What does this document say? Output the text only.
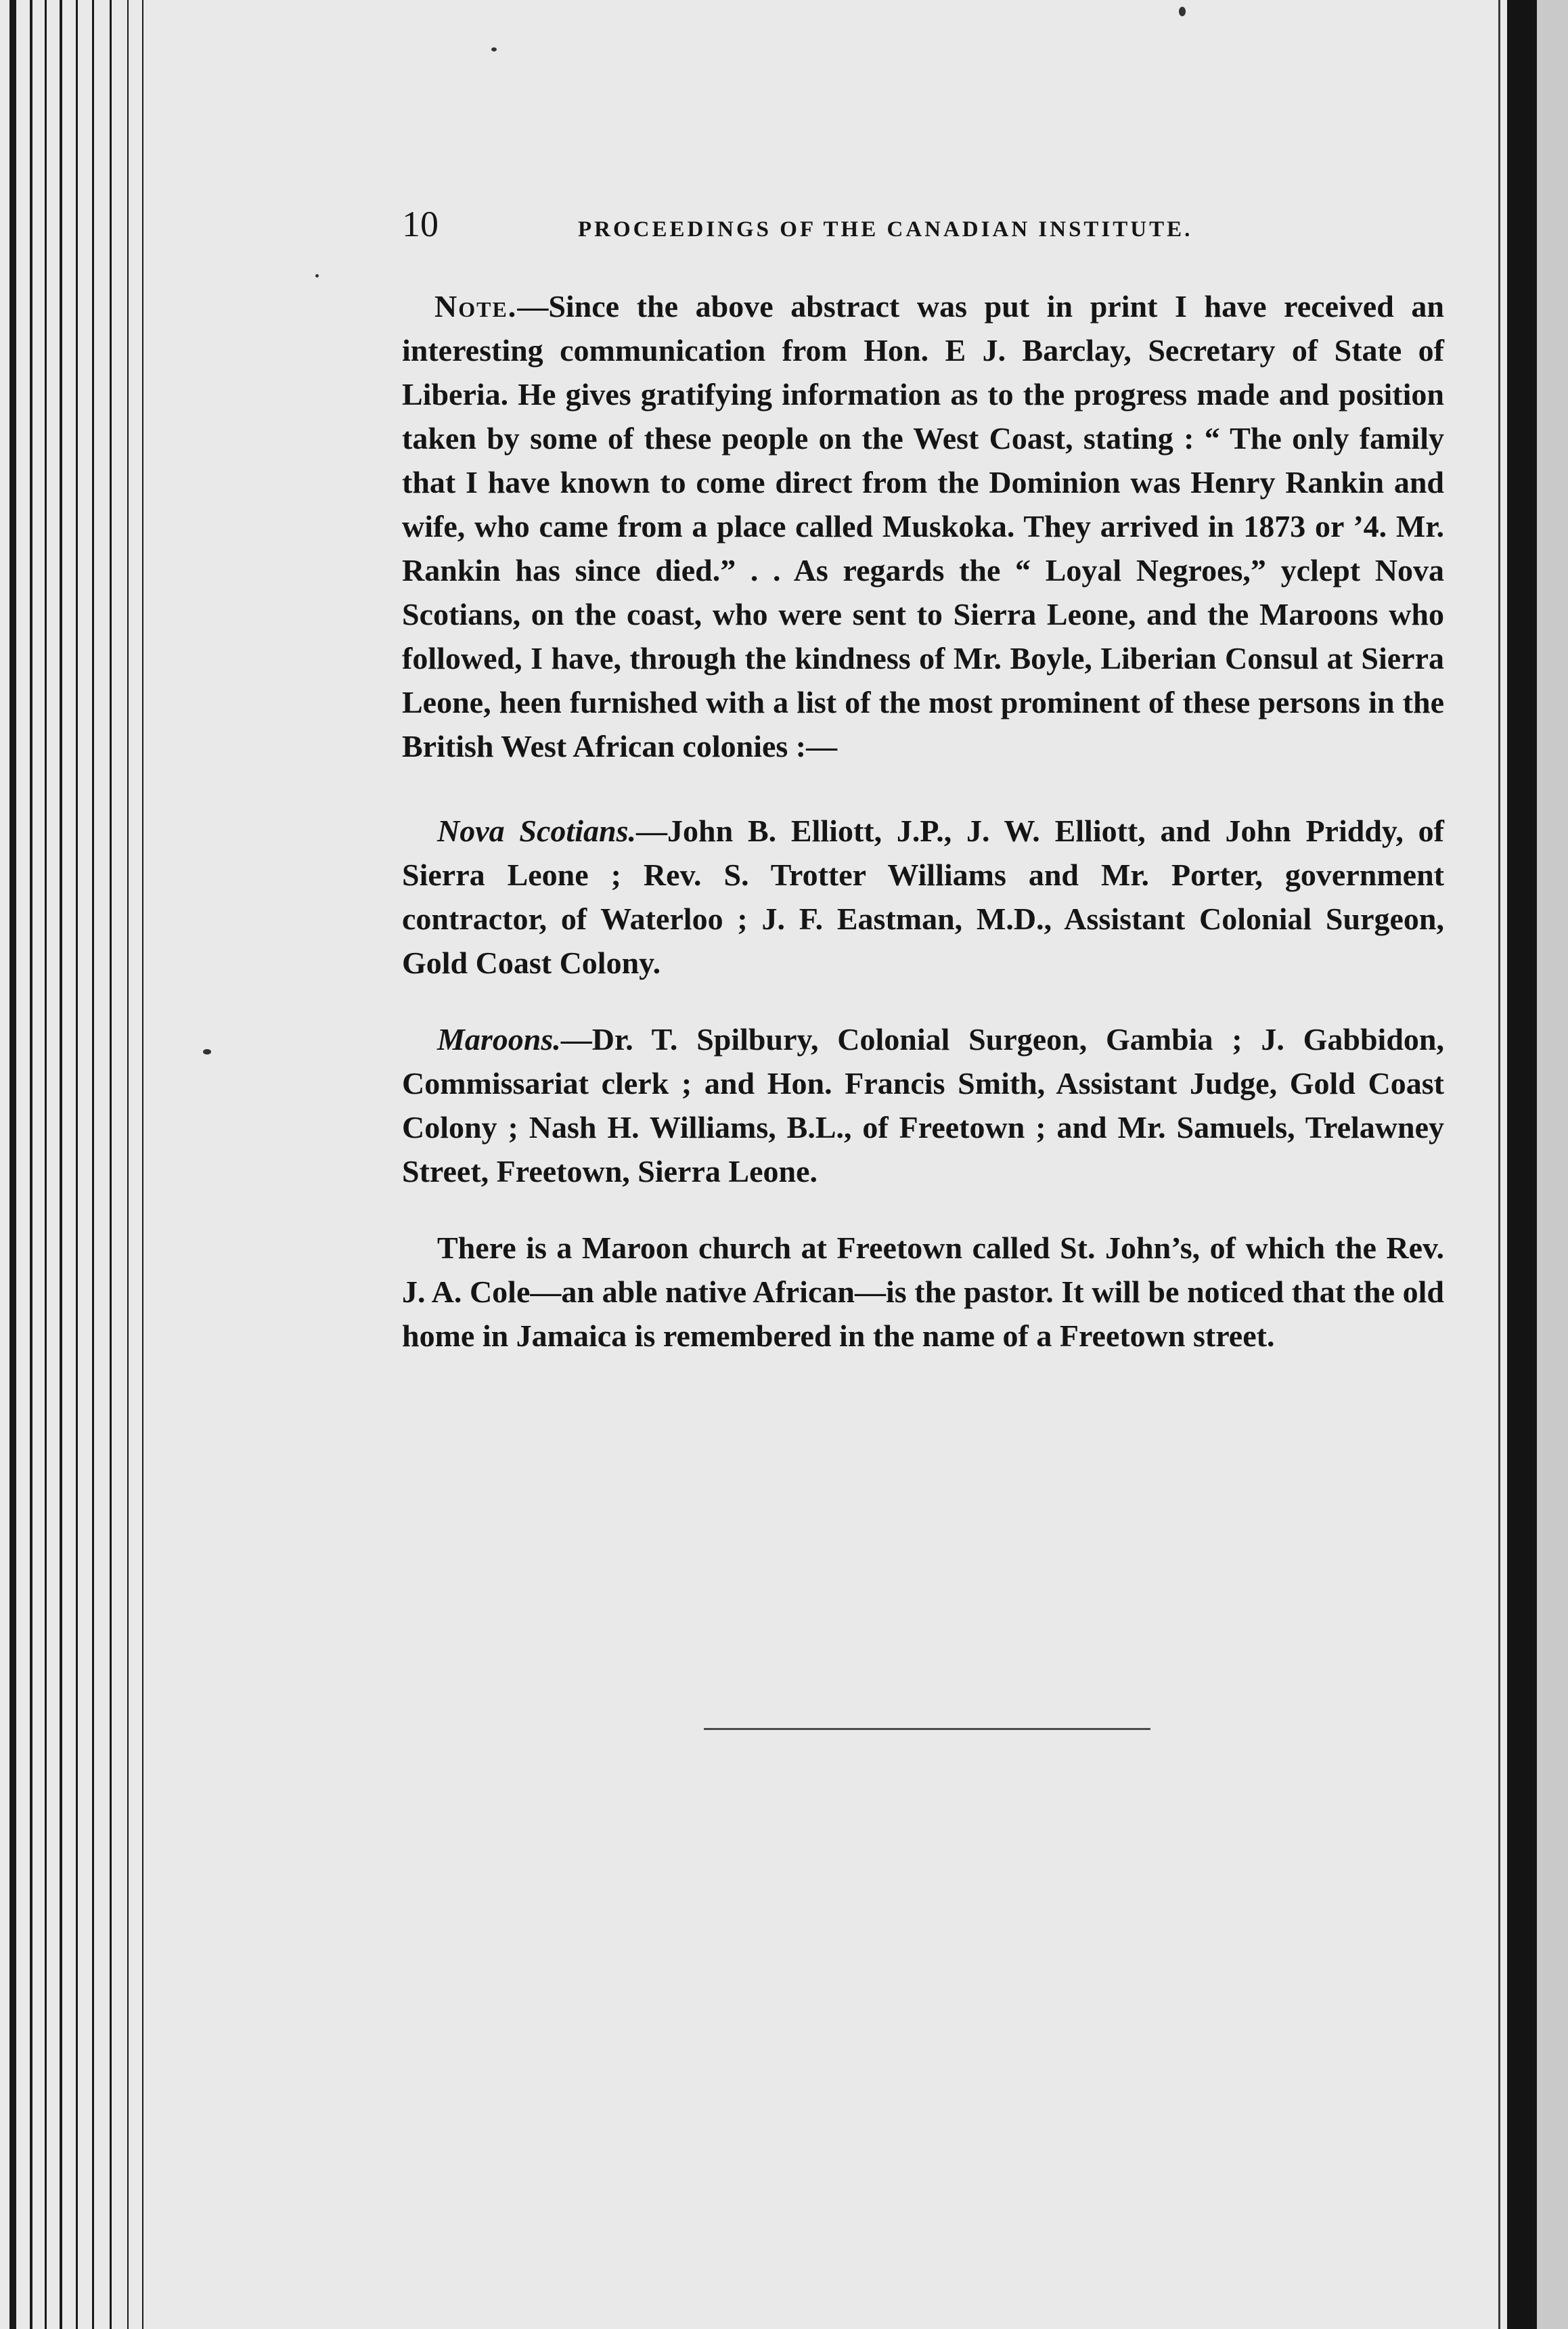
10	PROCEEDINGS OF THE CANADIAN INSTITUTE.

Note.—Since the above abstract was put in print I have received an interesting communication from Hon. E J. Barclay, Secretary of State of Liberia. He gives gratifying information as to the progress made and position taken by some of these people on the West Coast, stating : “ The only family that I have known to come direct from the Dominion was Henry Rankin and wife, who came from a place called Muskoka. They arrived in 1873 or ’4. Mr. Rankin has since died.” . . As regards the “ Loyal Negroes,” yclept Nova Scotians, on the coast, who were sent to Sierra Leone, and the Maroons who followed, I have, through the kindness of Mr. Boyle, Liberian Consul at Sierra Leone, heen furnished with a list of the most prominent of these persons in the British West African colonies :—

Nova Scotians.—John B. Elliott, J.P., J. W. Elliott, and John Priddy, of Sierra Leone ; Rev. S. Trotter Williams and Mr. Porter, government contractor, of Waterloo ; J. F. Eastman, M.D., Assistant Colonial Surgeon, Gold Coast Colony.

Maroons.—Dr. T. Spilbury, Colonial Surgeon, Gambia ; J. Gabbidon, Commissariat clerk ; and Hon. Francis Smith, Assistant Judge, Gold Coast Colony ; Nash H. Williams, B.L., of Freetown ; and Mr. Samuels, Trelawney Street, Freetown, Sierra Leone.

There is a Maroon church at Freetown called St. John’s, of which the Rev. J. A. Cole—an able native African—is the pastor. It will be noticed that the old home in Jamaica is remembered in the name of a Freetown street.
